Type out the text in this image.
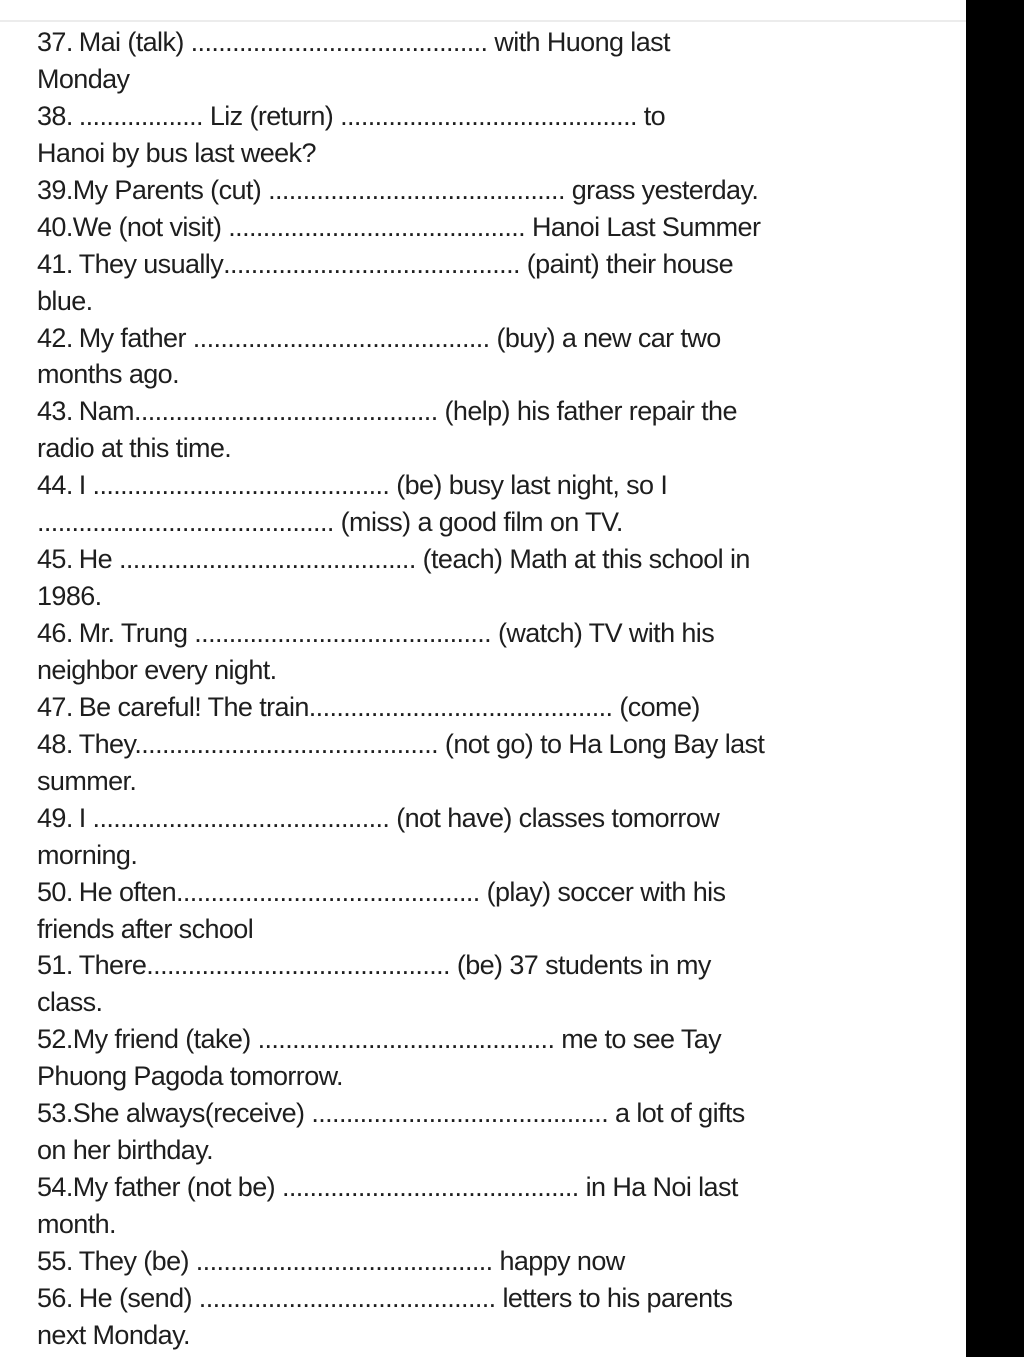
37. Mai (talk) ........................................... with Huong last
Monday
38. .................. Liz (return) ........................................... to
Hanoi by bus last week?
39.My Parents (cut) ........................................... grass yesterday.
40.We (not visit) ........................................... Hanoi Last Summer
41. They usually........................................... (paint) their house
blue.
42. My father ........................................... (buy) a new car two
months ago.
43. Nam............................................ (help) his father repair the
radio at this time.
44. I ........................................... (be) busy last night, so I
........................................... (miss) a good film on TV.
45. He ........................................... (teach) Math at this school in
1986.
46. Mr. Trung ........................................... (watch) TV with his
neighbor every night.
47. Be careful! The train............................................ (come)
48. They............................................ (not go) to Ha Long Bay last
summer.
49. I ........................................... (not have) classes tomorrow
morning.
50. He often............................................ (play) soccer with his
friends after school
51. There............................................ (be) 37 students in my
class.
52.My friend (take) ........................................... me to see Tay
Phuong Pagoda tomorrow.
53.She always(receive) ........................................... a lot of gifts
on her birthday.
54.My father (not be) ........................................... in Ha Noi last
month.
55. They (be) ........................................... happy now
56. He (send) ........................................... letters to his parents
next Monday.
